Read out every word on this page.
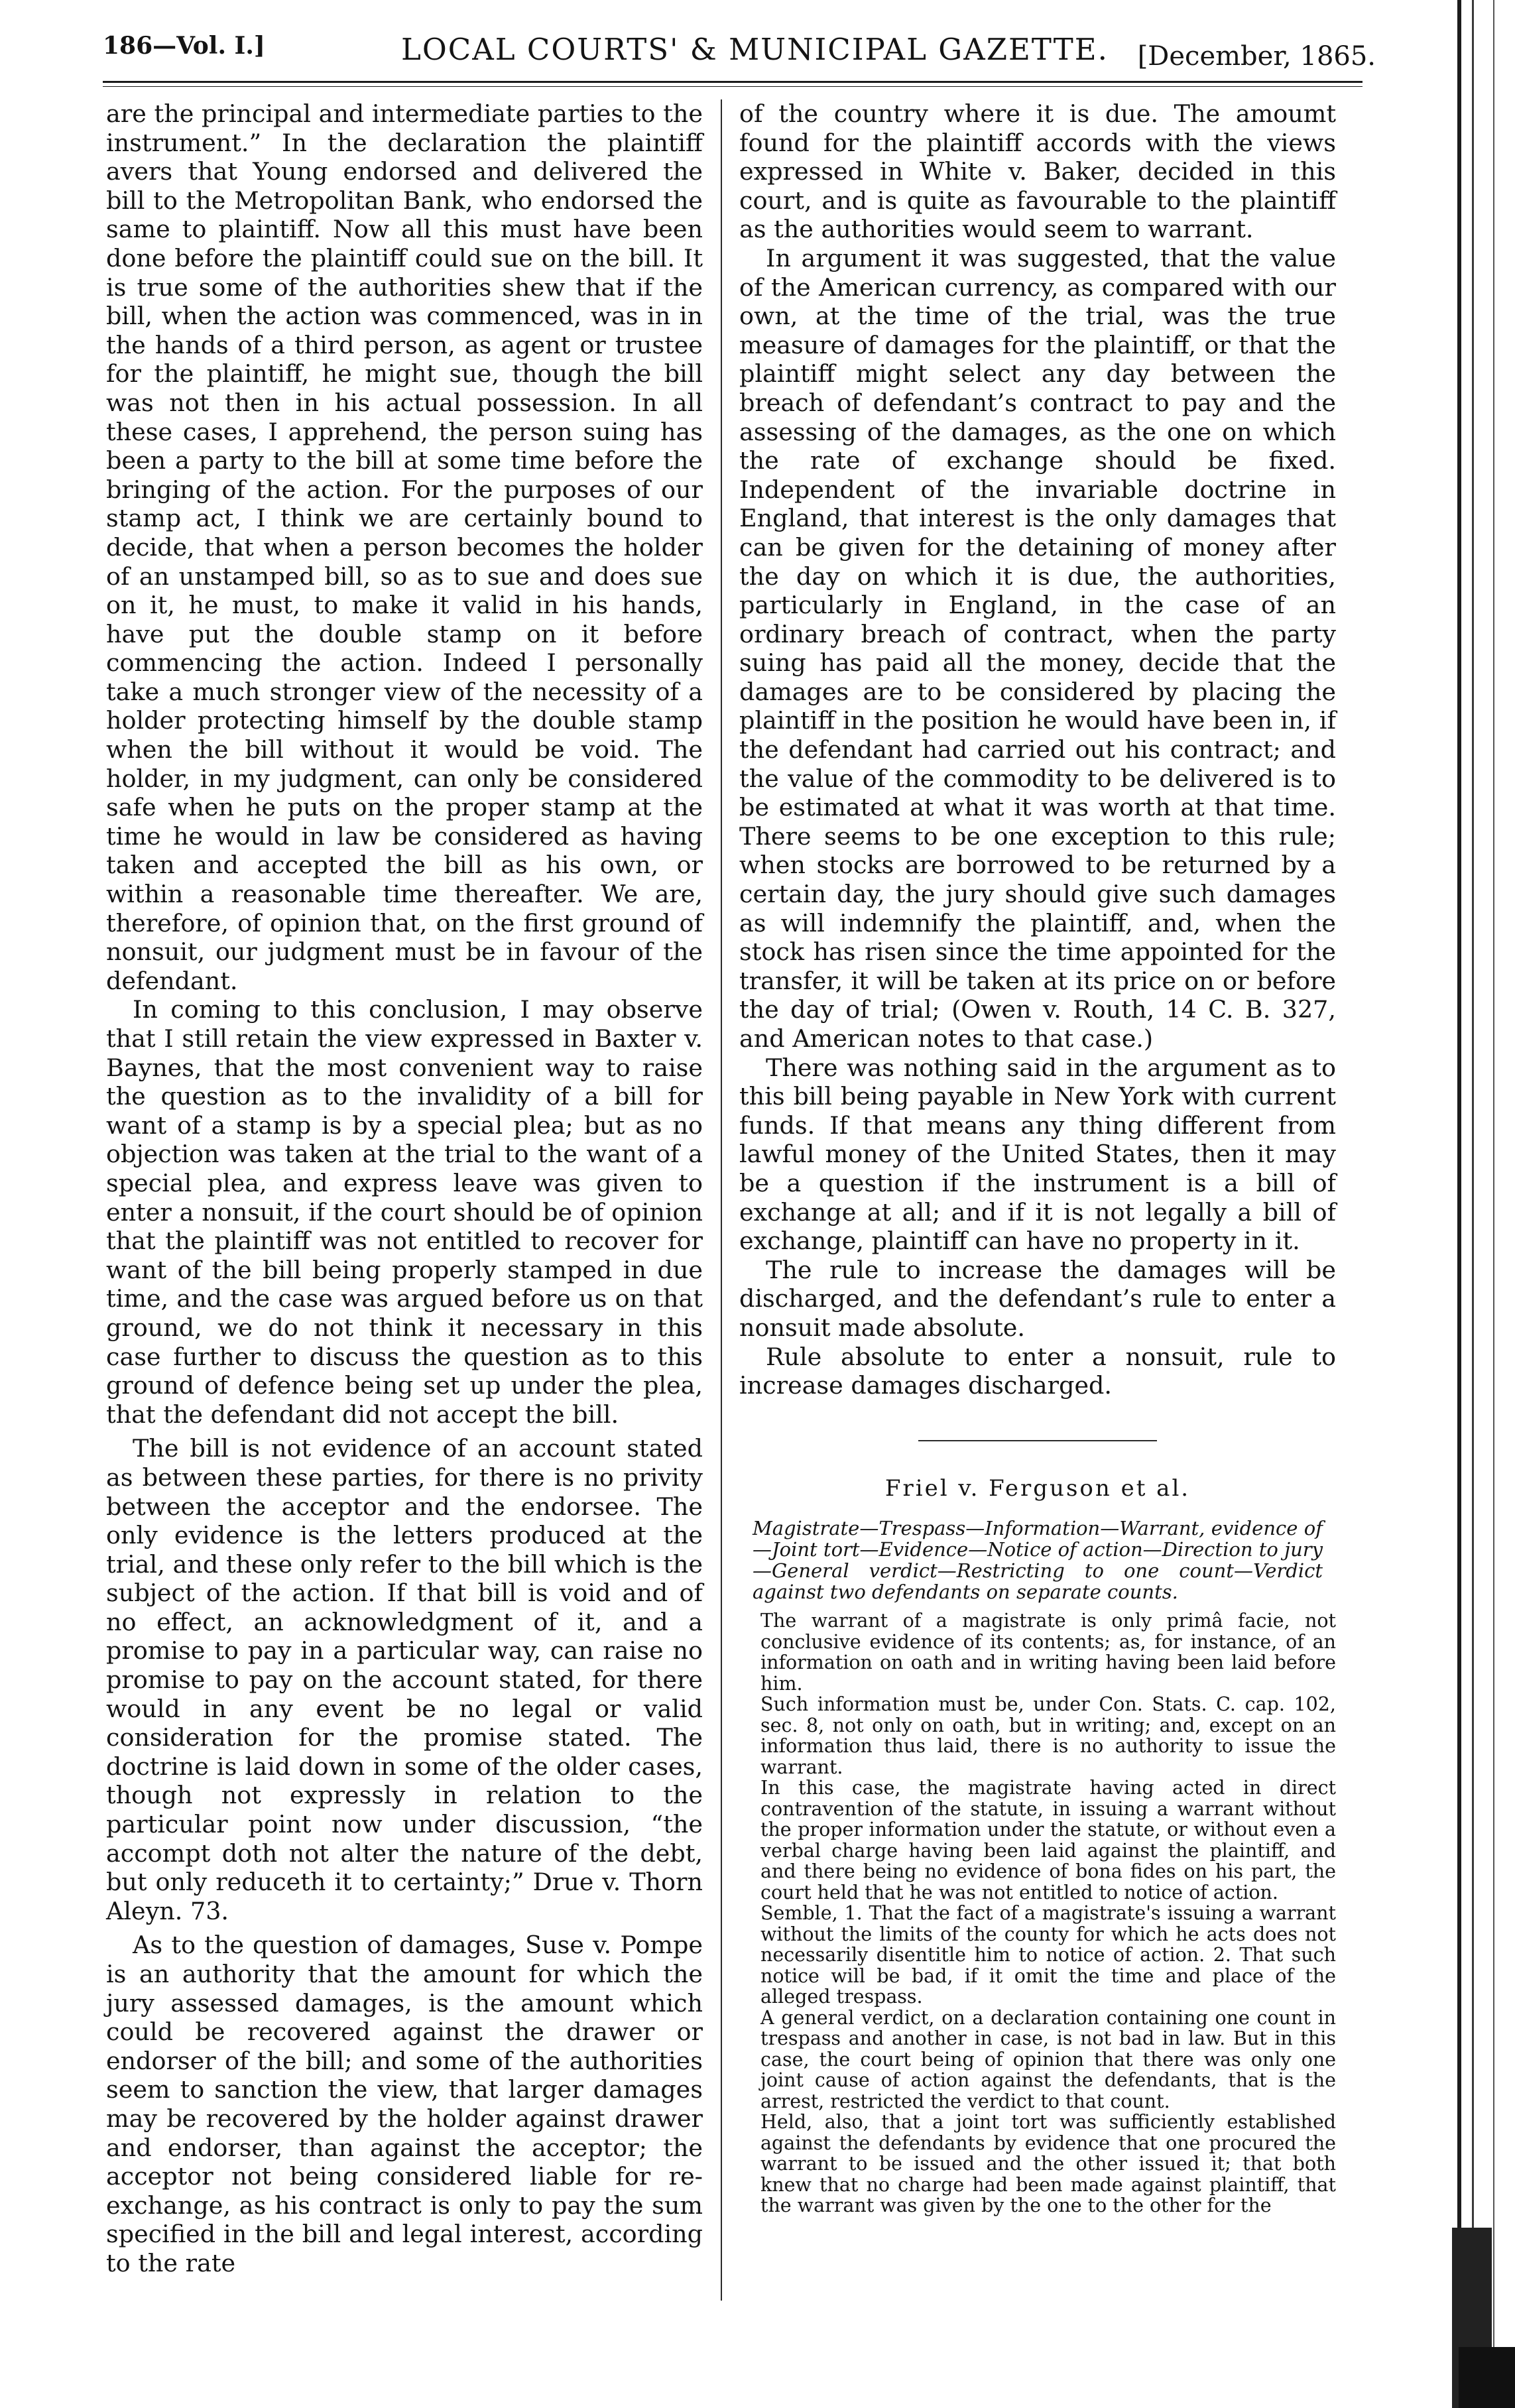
186—Vol. I.]	LOCAL COURTS' & MUNICIPAL GAZETTE. [December, 1865.

are the principal and intermediate parties to the instrument.” In the declaration the plaintiff avers that Young endorsed and delivered the bill to the Metropolitan Bank, who endorsed the same to plaintiff. Now all this must have been done before the plaintiff could sue on the bill. It is true some of the authorities shew that if the bill, when the action was commenced, was in in the hands of a third person, as agent or trustee for the plaintiff, he might sue, though the bill was not then in his actual possession. In all these cases, I apprehend, the person suing has been a party to the bill at some time before the bringing of the action. For the purposes of our stamp act, I think we are certainly bound to decide, that when a person becomes the holder of an unstamped bill, so as to sue and does sue on it, he must, to make it valid in his hands, have put the double stamp on it before commencing the action. Indeed I personally take a much stronger view of the necessity of a holder protecting himself by the double stamp when the bill without it would be void. The holder, in my judgment, can only be considered safe when he puts on the proper stamp at the time he would in law be considered as having taken and accepted the bill as his own, or within a reasonable time thereafter. We are, therefore, of opinion that, on the first ground of nonsuit, our judgment must be in favour of the defendant.

In coming to this conclusion, I may observe that I still retain the view expressed in Baxter v. Baynes, that the most convenient way to raise the question as to the invalidity of a bill for want of a stamp is by a special plea; but as no objection was taken at the trial to the want of a special plea, and express leave was given to enter a nonsuit, if the court should be of opinion that the plaintiff was not entitled to recover for want of the bill being properly stamped in due time, and the case was argued before us on that ground, we do not think it necessary in this case further to discuss the question as to this ground of defence being set up under the plea, that the defendant did not accept the bill.

The bill is not evidence of an account stated as between these parties, for there is no privity between the acceptor and the endorsee. The only evidence is the letters produced at the trial, and these only refer to the bill which is the subject of the action. If that bill is void and of no effect, an acknowledgment of it, and a promise to pay in a particular way, can raise no promise to pay on the account stated, for there would in any event be no legal or valid consideration for the promise stated. The doctrine is laid down in some of the older cases, though not expressly in relation to the particular point now under discussion, “the accompt doth not alter the nature of the debt, but only reduceth it to certainty;” Drue v. Thorn Aleyn. 73.

As to the question of damages, Suse v. Pompe is an authority that the amount for which the jury assessed damages, is the amount which could be recovered against the drawer or endorser of the bill; and some of the authorities seem to sanction the view, that larger damages may be recovered by the holder against drawer and endorser, than against the acceptor; the acceptor not being considered liable for re-exchange, as his contract is only to pay the sum specified in the bill and legal interest, according to the rate

of the country where it is due. The amoumt found for the plaintiff accords with the views expressed in White v. Baker, decided in this court, and is quite as favourable to the plaintiff as the authorities would seem to warrant.

In argument it was suggested, that the value of the American currency, as compared with our own, at the time of the trial, was the true measure of damages for the plaintiff, or that the plaintiff might select any day between the breach of defendant’s contract to pay and the assessing of the damages, as the one on which the rate of exchange should be fixed. Independent of the invariable doctrine in England, that interest is the only damages that can be given for the detaining of money after the day on which it is due, the authorities, particularly in England, in the case of an ordinary breach of contract, when the party suing has paid all the money, decide that the damages are to be considered by placing the plaintiff in the position he would have been in, if the defendant had carried out his contract; and the value of the commodity to be delivered is to be estimated at what it was worth at that time. There seems to be one exception to this rule; when stocks are borrowed to be returned by a certain day, the jury should give such damages as will indemnify the plaintiff, and, when the stock has risen since the time appointed for the transfer, it will be taken at its price on or before the day of trial; (Owen v. Routh, 14 C. B. 327, and American notes to that case.)

There was nothing said in the argument as to this bill being payable in New York with current funds. If that means any thing different from lawful money of the United States, then it may be a question if the instrument is a bill of exchange at all; and if it is not legally a bill of exchange, plaintiff can have no property in it.

The rule to increase the damages will be discharged, and the defendant’s rule to enter a nonsuit made absolute.

Rule absolute to enter a nonsuit, rule to increase damages discharged.

Friel v. Ferguson et al.
Magistrate—Trespass—Information—Warrant, evidence of—Joint tort—Evidence—Notice of action—Direction to jury—General verdict—Restricting to one count—Verdict against two defendants on separate counts.

The warrant of a magistrate is only primâ facie, not conclusive evidence of its contents; as, for instance, of an information on oath and in writing having been laid before him.

Such information must be, under Con. Stats. C. cap. 102, sec. 8, not only on oath, but in writing; and, except on an information thus laid, there is no authority to issue the warrant.

In this case, the magistrate having acted in direct contravention of the statute, in issuing a warrant without the proper information under the statute, or without even a verbal charge having been laid against the plaintiff, and and there being no evidence of bona fides on his part, the court held that he was not entitled to notice of action.

Semble, 1. That the fact of a magistrate's issuing a warrant without the limits of the county for which he acts does not necessarily disentitle him to notice of action. 2. That such notice will be bad, if it omit the time and place of the alleged trespass.

A general verdict, on a declaration containing one count in trespass and another in case, is not bad in law. But in this case, the court being of opinion that there was only one joint cause of action against the defendants, that is the arrest, restricted the verdict to that count.

Held, also, that a joint tort was sufficiently established against the defendants by evidence that one procured the warrant to be issued and the other issued it; that both knew that no charge had been made against plaintiff, that the warrant was given by the one to the other for the
